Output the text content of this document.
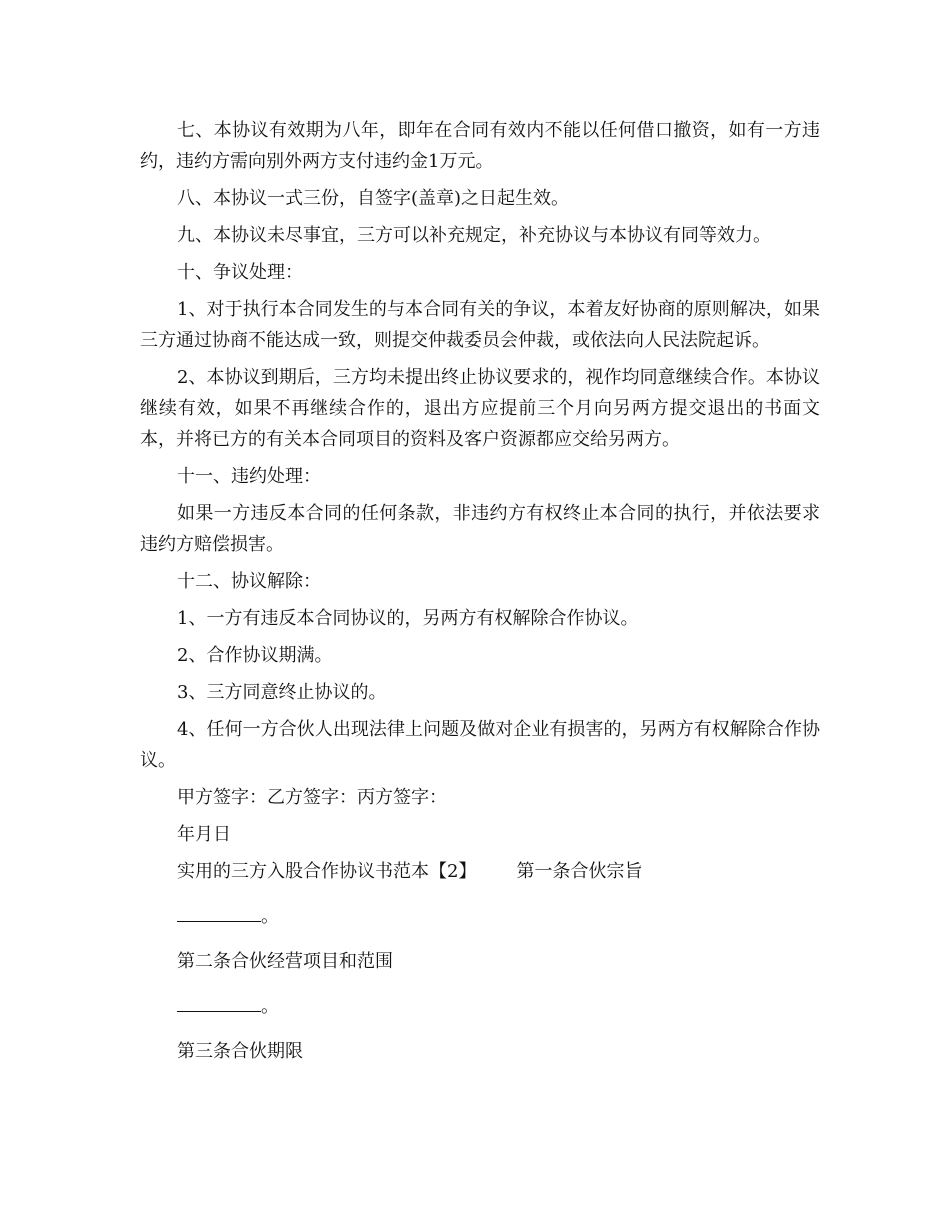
七、本协议有效期为八年，即年在合同有效内不能以任何借口撤资，如有一方违约，违约方需向别外两方支付违约金1万元。

八、本协议一式三份，自签字(盖章)之日起生效。

九、本协议未尽事宜，三方可以补充规定，补充协议与本协议有同等效力。

十、争议处理：

1、对于执行本合同发生的与本合同有关的争议，本着友好协商的原则解决，如果三方通过协商不能达成一致，则提交仲裁委员会仲裁，或依法向人民法院起诉。

2、本协议到期后，三方均未提出终止协议要求的，视作均同意继续合作。本协议继续有效，如果不再继续合作的，退出方应提前三个月向另两方提交退出的书面文本，并将已方的有关本合同项目的资料及客户资源都应交给另两方。

十一、违约处理：

如果一方违反本合同的任何条款，非违约方有权终止本合同的执行，并依法要求违约方赔偿损害。

十二、协议解除：

1、一方有违反本合同协议的，另两方有权解除合作协议。

2、合作协议期满。

3、三方同意终止协议的。

4、任何一方合伙人出现法律上问题及做对企业有损害的，另两方有权解除合作协议。

甲方签字：乙方签字：丙方签字：

年月日

实用的三方入股合作协议书范本【2】 第一条合伙宗旨

。

第二条合伙经营项目和范围

。

第三条合伙期限
